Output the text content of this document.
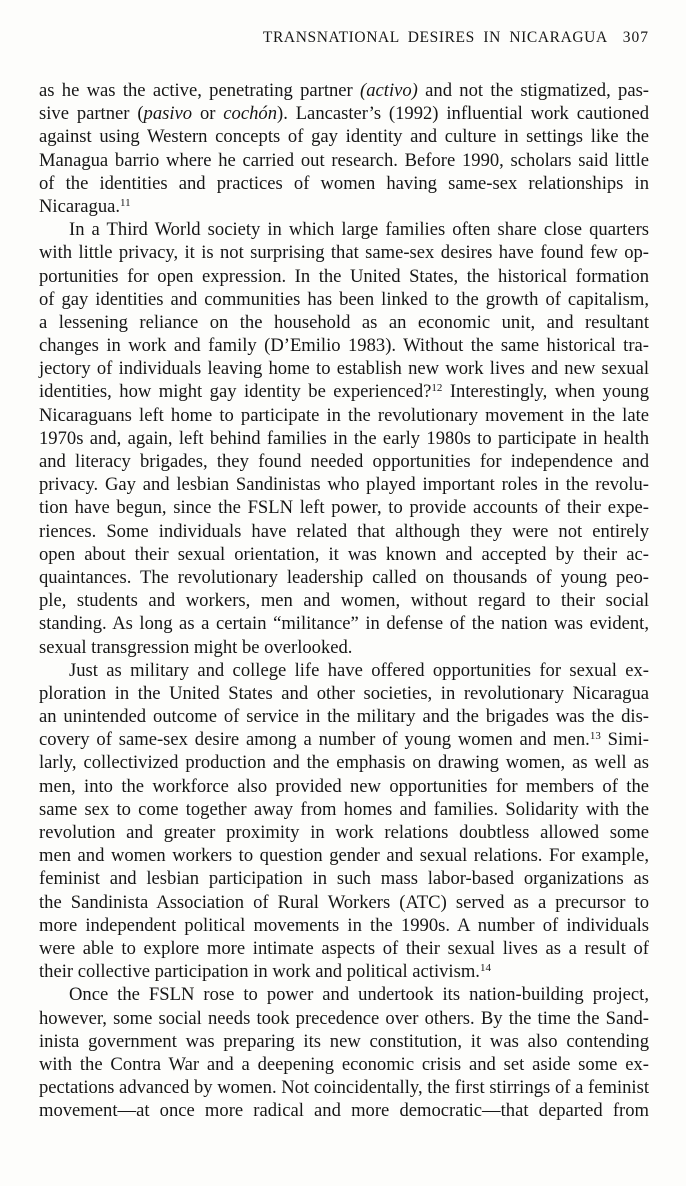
TRANSNATIONAL DESIRES IN NICARAGUA 307
as he was the active, penetrating partner (activo) and not the stigmatized, pas-
sive partner (pasivo or cochón). Lancaster’s (1992) influential work cautioned
against using Western concepts of gay identity and culture in settings like the
Managua barrio where he carried out research. Before 1990, scholars said little
of the identities and practices of women having same-sex relationships in
Nicaragua.$^{11}$
In a Third World society in which large families often share close quarters
with little privacy, it is not surprising that same-sex desires have found few op-
portunities for open expression. In the United States, the historical formation
of gay identities and communities has been linked to the growth of capitalism,
a lessening reliance on the household as an economic unit, and resultant
changes in work and family (D’Emilio 1983). Without the same historical tra-
jectory of individuals leaving home to establish new work lives and new sexual
identities, how might gay identity be experienced?$^{12}$ Interestingly, when young
Nicaraguans left home to participate in the revolutionary movement in the late
1970s and, again, left behind families in the early 1980s to participate in health
and literacy brigades, they found needed opportunities for independence and
privacy. Gay and lesbian Sandinistas who played important roles in the revolu-
tion have begun, since the FSLN left power, to provide accounts of their expe-
riences. Some individuals have related that although they were not entirely
open about their sexual orientation, it was known and accepted by their ac-
quaintances. The revolutionary leadership called on thousands of young peo-
ple, students and workers, men and women, without regard to their social
standing. As long as a certain “militance” in defense of the nation was evident,
sexual transgression might be overlooked.
Just as military and college life have offered opportunities for sexual ex-
ploration in the United States and other societies, in revolutionary Nicaragua
an unintended outcome of service in the military and the brigades was the dis-
covery of same-sex desire among a number of young women and men.$^{13}$ Simi-
larly, collectivized production and the emphasis on drawing women, as well as
men, into the workforce also provided new opportunities for members of the
same sex to come together away from homes and families. Solidarity with the
revolution and greater proximity in work relations doubtless allowed some
men and women workers to question gender and sexual relations. For example,
feminist and lesbian participation in such mass labor-based organizations as
the Sandinista Association of Rural Workers (ATC) served as a precursor to
more independent political movements in the 1990s. A number of individuals
were able to explore more intimate aspects of their sexual lives as a result of
their collective participation in work and political activism.$^{14}$
Once the FSLN rose to power and undertook its nation-building project,
however, some social needs took precedence over others. By the time the Sand-
inista government was preparing its new constitution, it was also contending
with the Contra War and a deepening economic crisis and set aside some ex-
pectations advanced by women. Not coincidentally, the first stirrings of a feminist
movement—at once more radical and more democratic—that departed from
